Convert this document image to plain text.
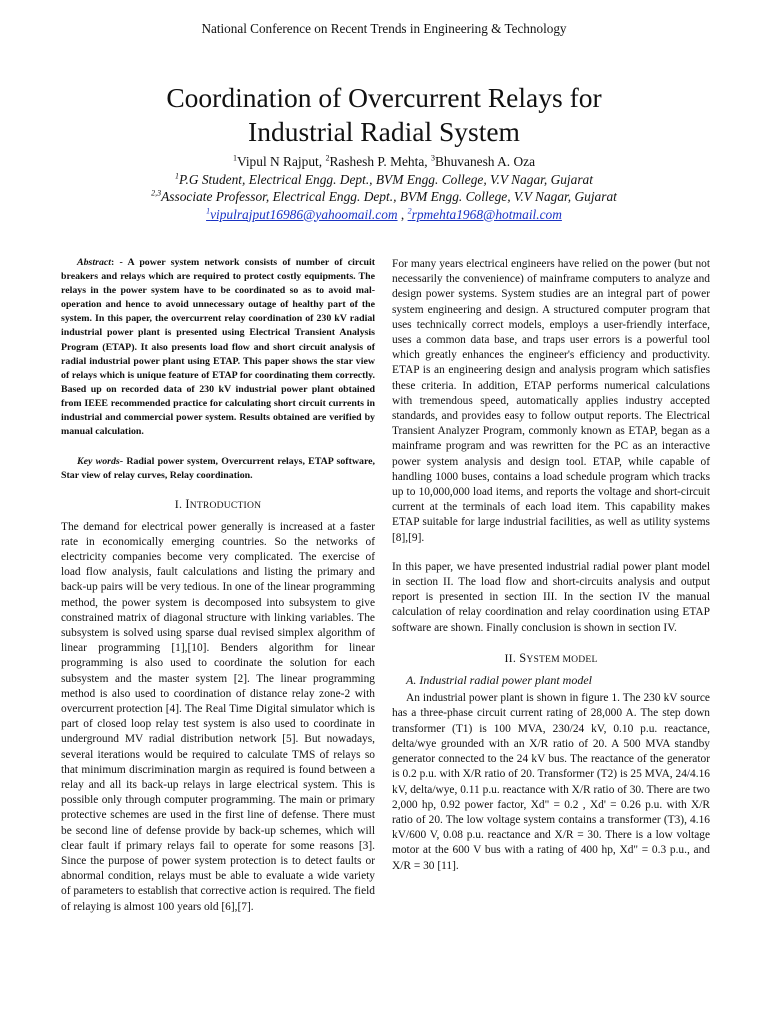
National Conference on Recent Trends in Engineering & Technology
Coordination of Overcurrent Relays for
Industrial Radial System
$^1$Vipul N Rajput, $^2$Rashesh P. Mehta, $^3$Bhuvanesh A. Oza
$^1$P.G Student, Electrical Engg. Dept., BVM Engg. College, V.V Nagar, Gujarat
$^{2,3}$Associate Professor, Electrical Engg. Dept., BVM Engg. College, V.V Nagar, Gujarat
$^1$vipulrajput16986@yahoomail.com , $^2$rpmehta1968@hotmail.com

Abstract: - A power system network consists of number of circuit breakers and relays which are required to protect costly equipments. The relays in the power system have to be coordinated so as to avoid mal-operation and hence to avoid unnecessary outage of healthy part of the system. In this paper, the overcurrent relay coordination of 230 kV radial industrial power plant is presented using Electrical Transient Analysis Program (ETAP). It also presents load flow and short circuit analysis of radial industrial power plant using ETAP. This paper shows the star view of relays which is unique feature of ETAP for coordinating them correctly. Based up on recorded data of 230 kV industrial power plant obtained from IEEE recommended practice for calculating short circuit currents in industrial and commercial power system. Results obtained are verified by manual calculation.

Key words- Radial power system, Overcurrent relays, ETAP software, Star view of relay curves, Relay coordination.

I. INTRODUCTION

The demand for electrical power generally is increased at a faster rate in economically emerging countries. So the networks of electricity companies become very complicated. The exercise of load flow analysis, fault calculations and listing the primary and back-up pairs will be very tedious. In one of the linear programming method, the power system is decomposed into subsystem to give constrained matrix of diagonal structure with linking variables. The subsystem is solved using sparse dual revised simplex algorithm of linear programming [1],[10]. Benders algorithm for linear programming is also used to coordinate the solution for each subsystem and the master system [2]. The linear programming method is also used to coordination of distance relay zone-2 with overcurrent protection [4]. The Real Time Digital simulator which is part of closed loop relay test system is also used to coordinate in underground MV radial distribution network [5]. But nowadays, several iterations would be required to calculate TMS of relays so that minimum discrimination margin as required is found between a relay and all its back-up relays in large electrical system. This is possible only through computer programming. The main or primary protective schemes are used in the first line of defense. There must be second line of defense provide by back-up schemes, which will clear fault if primary relays fail to operate for some reasons [3]. Since the purpose of power system protection is to detect faults or abnormal condition, relays must be able to evaluate a wide variety of parameters to establish that corrective action is required. The field of relaying is almost 100 years old [6],[7].

For many years electrical engineers have relied on the power (but not necessarily the convenience) of mainframe computers to analyze and design power systems. System studies are an integral part of power system engineering and design. A structured computer program that uses technically correct models, employs a user-friendly interface, uses a common data base, and traps user errors is a powerful tool which greatly enhances the engineer's efficiency and productivity. ETAP is an engineering design and analysis program which satisfies these criteria. In addition, ETAP performs numerical calculations with tremendous speed, automatically applies industry accepted standards, and provides easy to follow output reports. The Electrical Transient Analyzer Program, commonly known as ETAP, began as a mainframe program and was rewritten for the PC as an interactive power system analysis and design tool. ETAP, while capable of handling 1000 buses, contains a load schedule program which tracks up to 10,000,000 load items, and reports the voltage and short-circuit current at the terminals of each load item. This capability makes ETAP suitable for large industrial facilities, as well as utility systems [8],[9].

In this paper, we have presented industrial radial power plant model in section II. The load flow and short-circuits analysis and output report is presented in section III. In the section IV the manual calculation of relay coordination and relay coordination using ETAP software are shown. Finally conclusion is shown in section IV.

II. SYSTEM MODEL
A. Industrial radial power plant model

An industrial power plant is shown in figure 1. The 230 kV source has a three-phase circuit current rating of 28,000 A. The step down transformer (T1) is 100 MVA, 230/24 kV, 0.10 p.u. reactance, delta/wye grounded with an X/R ratio of 20. A 500 MVA standby generator connected to the 24 kV bus. The reactance of the generator is 0.2 p.u. with X/R ratio of 20. Transformer (T2) is 25 MVA, 24/4.16 kV, delta/wye, 0.11 p.u. reactance with X/R ratio of 30. There are two 2,000 hp, 0.92 power factor, Xd" = 0.2 , Xd' = 0.26 p.u. with X/R ratio of 20. The low voltage system contains a transformer (T3), 4.16 kV/600 V, 0.08 p.u. reactance and X/R = 30. There is a low voltage motor at the 600 V bus with a rating of 400 hp, Xd" = 0.3 p.u., and X/R = 30 [11].
